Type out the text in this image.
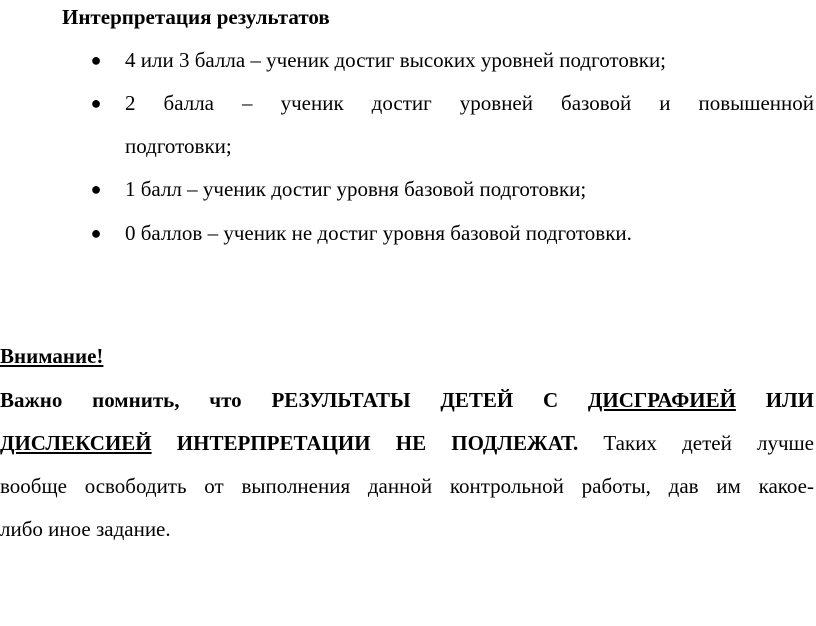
Интерпретация результатов
● 4 или 3 балла – ученик достиг высоких уровней подготовки;
● 2 балла – ученик достиг уровней базовой и повышенной
подготовки;
● 1 балл – ученик достиг уровня базовой подготовки;
● 0 баллов – ученик не достиг уровня базовой подготовки.
Внимание!
Важно помнить, что РЕЗУЛЬТАТЫ ДЕТЕЙ С ДИСГРАФИЕЙ ИЛИ
ДИСЛЕКСИЕЙ ИНТЕРПРЕТАЦИИ НЕ ПОДЛЕЖАТ. Таких детей лучше
вообще освободить от выполнения данной контрольной работы, дав им какое-
либо иное задание.
